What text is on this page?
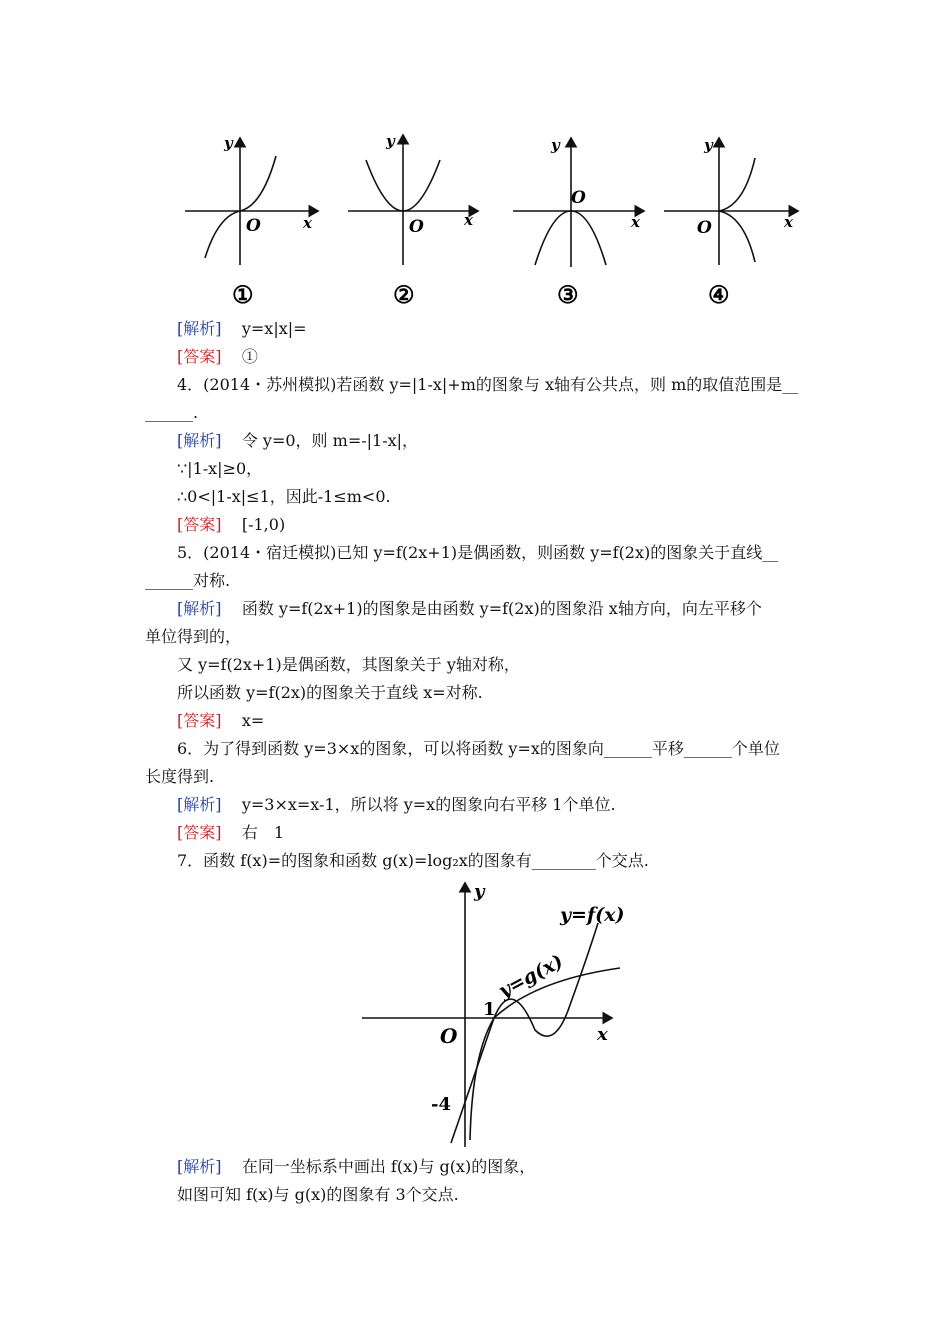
y
x
O
①
y
x
O
②
y
x
O
③
y
x
O
④
[解析] y=x|x|=
[答案] ①
4．(2014・苏州模拟)若函数 y=|1-x|+m的图象与 x轴有公共点，则 m的取值范围是__
______.
[解析] 令 y=0，则 m=-|1-x|，
∵|1-x|≥0，
∴0<|1-x|≤1，因此-1≤m<0.
[答案] [-1,0)
5．(2014・宿迁模拟)已知 y=f(2x+1)是偶函数，则函数 y=f(2x)的图象关于直线__
______对称.
[解析] 函数 y=f(2x+1)的图象是由函数 y=f(2x)的图象沿 x轴方向，向左平移个
单位得到的，
又 y=f(2x+1)是偶函数，其图象关于 y轴对称，
所以函数 y=f(2x)的图象关于直线 x=对称.
[答案] x=
6．为了得到函数 y=3×x的图象，可以将函数 y=x的图象向______平移______个单位
长度得到.
[解析] y=3×x=x-1，所以将 y=x的图象向右平移 1个单位.
[答案] 右　1
7．函数 f(x)=的图象和函数 g(x)=log₂x的图象有________个交点.
y
x
O
1
-4
y=f(x)
y=g(x)
[解析] 在同一坐标系中画出 f(x)与 g(x)的图象，
如图可知 f(x)与 g(x)的图象有 3个交点.
